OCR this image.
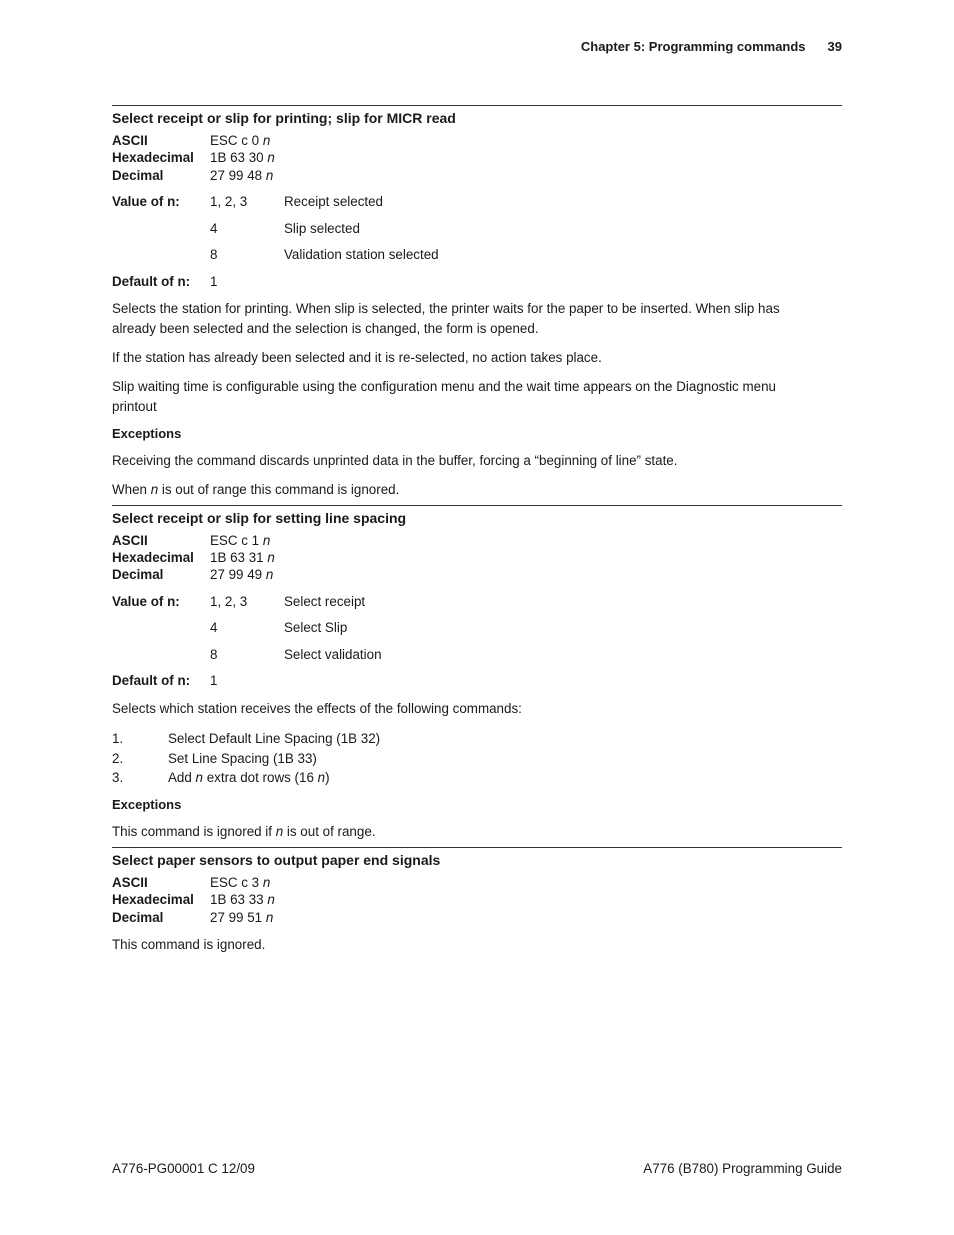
Chapter 5: Programming commands 39
Select receipt or slip for printing; slip for MICR read
ASCII	ESC c 0 n
Hexadecimal 1B 63 30 n
Decimal	27 99 48 n
Value of n: 1, 2, 3	Receipt selected
4	Slip selected
8	Validation station selected
Default of n: 1
Selects the station for printing. When slip is selected, the printer waits for the paper to be inserted. When slip has already been selected and the selection is changed, the form is opened.
If the station has already been selected and it is re-selected, no action takes place.
Slip waiting time is configurable using the configuration menu and the wait time appears on the Diagnostic menu printout
Exceptions
Receiving the command discards unprinted data in the buffer, forcing a “beginning of line” state.
When n is out of range this command is ignored.
Select receipt or slip for setting line spacing
ASCII	ESC c 1 n
Hexadecimal 1B 63 31 n
Decimal	27 99 49 n
Value of n: 1, 2, 3	Select receipt
4	Select Slip
8	Select validation
Default of n: 1
Selects which station receives the effects of the following commands:
1.	Select Default Line Spacing (1B 32)
2.	Set Line Spacing (1B 33)
3.	Add n extra dot rows (16 n)
Exceptions
This command is ignored if n is out of range.
Select paper sensors to output paper end signals
ASCII	ESC c 3 n
Hexadecimal 1B 63 33 n
Decimal	27 99 51 n
This command is ignored.
A776-PG00001 C 12/09	A776 (B780) Programming Guide
